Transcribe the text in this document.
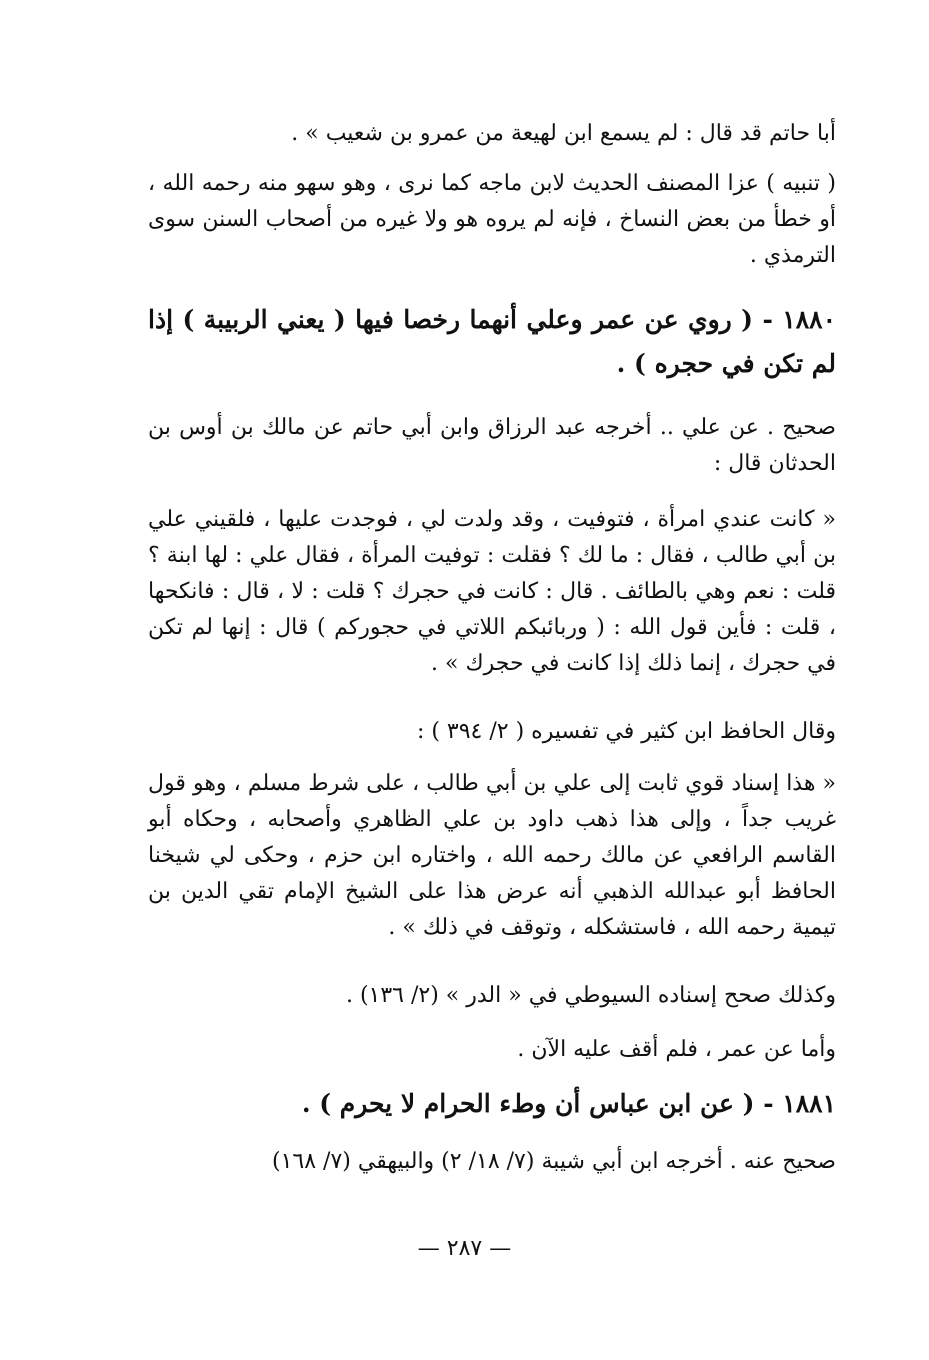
أبا حاتم قد قال : لم يسمع ابن لهيعة من عمرو بن شعيب » .

( تنبيه ) عزا المصنف الحديث لابن ماجه كما نرى ، وهو سهو منه رحمه الله ، أو خطأ من بعض النساخ ، فإنه لم يروه هو ولا غيره من أصحاب السنن سوى الترمذي .

١٨٨٠ - ( روي عن عمر وعلي أنهما رخصا فيها ( يعني الربيبة ) إذا لم تكن في حجره ) .

صحيح . عن علي .. أخرجه عبد الرزاق وابن أبي حاتم عن مالك بن أوس بن الحدثان قال :

« كانت عندي امرأة ، فتوفيت ، وقد ولدت لي ، فوجدت عليها ، فلقيني علي بن أبي طالب ، فقال : ما لك ؟ فقلت : توفيت المرأة ، فقال علي : لها ابنة ؟ قلت : نعم وهي بالطائف . قال : كانت في حجرك ؟ قلت : لا ، قال : فانكحها ، قلت : فأين قول الله : ( وربائبكم اللاتي في حجوركم ) قال : إنها لم تكن في حجرك ، إنما ذلك إذا كانت في حجرك » .

وقال الحافظ ابن كثير في تفسيره ( ٢/ ٣٩٤ ) :

« هذا إسناد قوي ثابت إلى علي بن أبي طالب ، على شرط مسلم ، وهو قول غريب جداً ، وإلى هذا ذهب داود بن علي الظاهري وأصحابه ، وحكاه أبو القاسم الرافعي عن مالك رحمه الله ، واختاره ابن حزم ، وحكى لي شيخنا الحافظ أبو عبدالله الذهبي أنه عرض هذا على الشيخ الإمام تقي الدين بن تيمية رحمه الله ، فاستشكله ، وتوقف في ذلك » .

وكذلك صحح إسناده السيوطي في « الدر » (٢/ ١٣٦) .

وأما عن عمر ، فلم أقف عليه الآن .

١٨٨١ - ( عن ابن عباس أن وطء الحرام لا يحرم ) .

صحيح عنه . أخرجه ابن أبي شيبة (٧/ ١٨/ ٢) والبيهقي (٧/ ١٦٨)

— ٢٨٧ —
